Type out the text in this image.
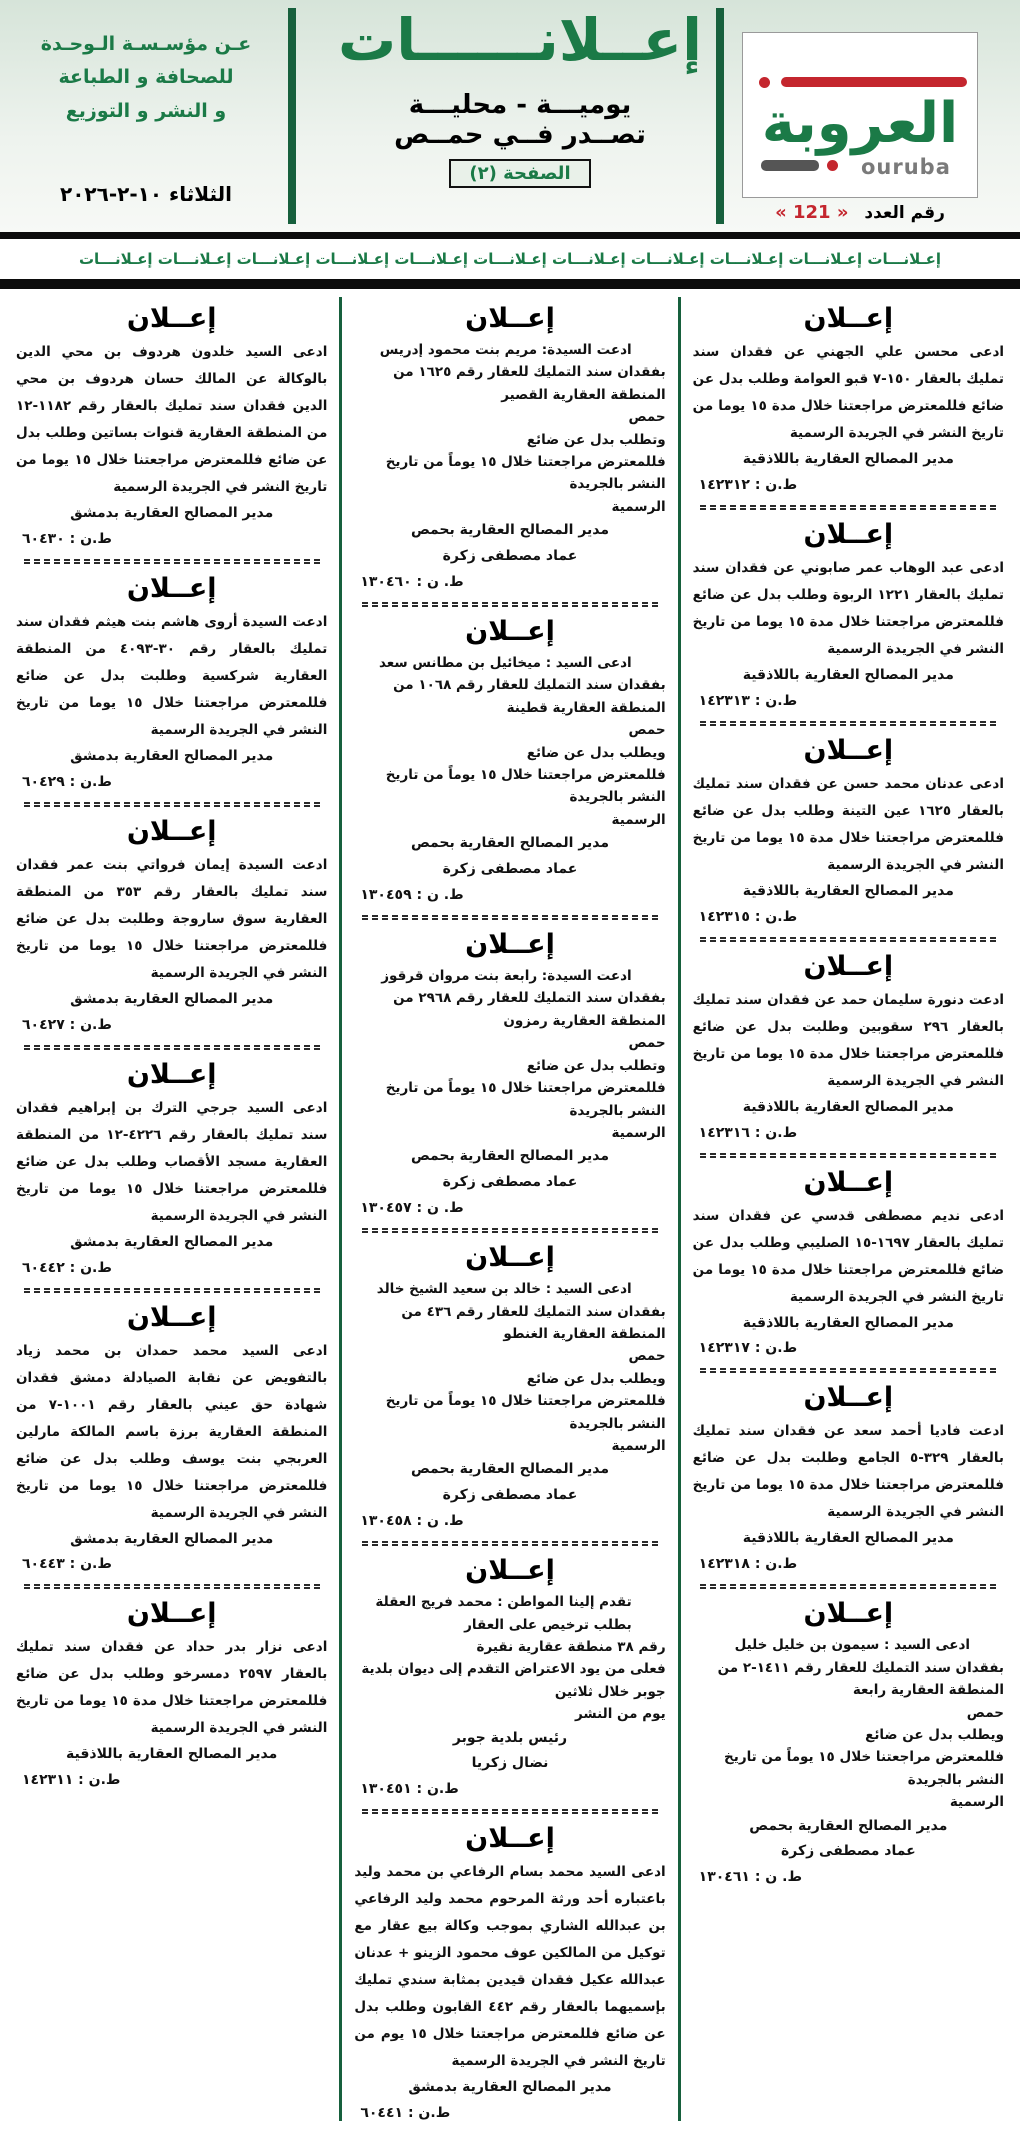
عـن مؤسـسـة الـوحـدة
للصحافة و الطباعة
و النشر و التوزيع
الثلاثاء ١٠-٢-٢٠٢٦
إعــلانــــــات
يوميـــة - محليـــة
تصــدر فــي حمــص
الصفحة (٢)
العروبة
ouruba
رقم العدد « 121 »
إعـلانـــات إعـلانـــات إعـلانـــات إعـلانـــات إعـلانـــات إعـلانـــات إعـلانـــات إعـلانـــات إعـلانـــات إعـلانـــات إعـلانـــات
إعــلان
ادعى محسن علي الجهني عن فقدان سند تمليك بالعقار ١٥٠-٧ قبو العوامة وطلب بدل عن ضائع فللمعترض مراجعتنا خلال مدة ١٥ يوما من تاريخ النشر في الجريدة الرسمية
مدير المصالح العقارية باللاذقية
ط.ن : ١٤٢٣١٢
إعــلان
ادعى عبد الوهاب عمر صابوني عن فقدان سند تمليك بالعقار ١٢٢١ الربوة وطلب بدل عن ضائع فللمعترض مراجعتنا خلال مدة ١٥ يوما من تاريخ النشر في الجريدة الرسمية
مدير المصالح العقارية باللاذقية
ط.ن : ١٤٢٣١٣
إعــلان
ادعى عدنان محمد حسن عن فقدان سند تمليك بالعقار ١٦٢٥ عين التينة وطلب بدل عن ضائع فللمعترض مراجعتنا خلال مدة ١٥ يوما من تاريخ النشر في الجريدة الرسمية
مدير المصالح العقارية باللاذقية
ط.ن : ١٤٢٣١٥
إعــلان
ادعت دنورة سليمان حمد عن فقدان سند تمليك بالعقار ٢٩٦ سقوبين وطلبت بدل عن ضائع فللمعترض مراجعتنا خلال مدة ١٥ يوما من تاريخ النشر في الجريدة الرسمية
مدير المصالح العقارية باللاذقية
ط.ن : ١٤٢٣١٦
إعــلان
ادعى نديم مصطفى قدسي عن فقدان سند تمليك بالعقار ١٦٩٧-١٥ الصليبي وطلب بدل عن ضائع فللمعترض مراجعتنا خلال مدة ١٥ يوما من تاريخ النشر في الجريدة الرسمية
مدير المصالح العقارية باللاذقية
ط.ن : ١٤٢٣١٧
إعــلان
ادعت فاديا أحمد سعد عن فقدان سند تمليك بالعقار ٣٢٩-٥ الجامع وطلبت بدل عن ضائع فللمعترض مراجعتنا خلال مدة ١٥ يوما من تاريخ النشر في الجريدة الرسمية
مدير المصالح العقارية باللاذقية
ط.ن : ١٤٢٣١٨
إعــلان
ادعى السيد : سيمون بن خليل خليل
بفقدان سند التمليك للعقار رقم ١٤١١-٢ من المنطقة العقارية رابعة
حمص
ويطلب بدل عن ضائع
فللمعترض مراجعتنا خلال ١٥ يوماً من تاريخ النشر بالجريدة
الرسمية
مدير المصالح العقارية بحمص
عماد مصطفى زكرة
ط. ن : ١٣٠٤٦١
إعــلان
ادعت السيدة: مريم بنت محمود إدريس
بفقدان سند التمليك للعقار رقم ١٦٢٥ من المنطقة العقارية القصير
حمص
وتطلب بدل عن ضائع
فللمعترض مراجعتنا خلال ١٥ يوماً من تاريخ النشر بالجريدة
الرسمية
مدير المصالح العقارية بحمص
عماد مصطفى زكرة
ط. ن : ١٣٠٤٦٠
إعــلان
ادعى السيد : ميخائيل بن مطانس سعد
بفقدان سند التمليك للعقار رقم ١٠٦٨ من المنطقة العقارية قطينة
حمص
ويطلب بدل عن ضائع
فللمعترض مراجعتنا خلال ١٥ يوماً من تاريخ النشر بالجريدة
الرسمية
مدير المصالح العقارية بحمص
عماد مصطفى زكرة
ط. ن : ١٣٠٤٥٩
إعــلان
ادعت السيدة: رابعة بنت مروان قرقوز
بفقدان سند التمليك للعقار رقم ٢٩٦٨ من المنطقة العقارية رمزون
حمص
وتطلب بدل عن ضائع
فللمعترض مراجعتنا خلال ١٥ يوماً من تاريخ النشر بالجريدة
الرسمية
مدير المصالح العقارية بحمص
عماد مصطفى زكرة
ط. ن : ١٣٠٤٥٧
إعــلان
ادعى السيد : خالد بن سعيد الشيخ خالد
بفقدان سند التمليك للعقار رقم ٤٣٦ من المنطقة العقارية الغنطو
حمص
ويطلب بدل عن ضائع
فللمعترض مراجعتنا خلال ١٥ يوماً من تاريخ النشر بالجريدة
الرسمية
مدير المصالح العقارية بحمص
عماد مصطفى زكرة
ط. ن : ١٣٠٤٥٨
إعــلان
تقدم إلينا المواطن : محمد فريج العقلة بطلب ترخيص على العقار
رقم ٣٨ منطقة عقارية نقيرة
فعلى من يود الاعتراض التقدم إلى ديوان بلدية جوبر خلال ثلاثين
يوم من النشر
رئيس بلدية جوبر
نضال زكريا
ط.ن : ١٣٠٤٥١
إعــلان
ادعى السيد محمد بسام الرفاعي بن محمد وليد باعتباره أحد ورثة المرحوم محمد وليد الرفاعي بن عبدالله الشاري بموجب وكالة بيع عقار مع توكيل من المالكين عوف محمود الزينو + عدنان عبدالله عكيل فقدان قيدين بمثابة سندي تمليك بإسميهما بالعقار رقم ٤٤٢ القابون وطلب بدل عن ضائع فللمعترض مراجعتنا خلال ١٥ يوم من تاريخ النشر في الجريدة الرسمية
مدير المصالح العقارية بدمشق
ط.ن : ٦٠٤٤١
إعــلان
ادعى السيد خلدون هردوف بن محي الدين بالوكالة عن المالك حسان هردوف بن محي الدين فقدان سند تمليك بالعقار رقم ١١٨٢-١٢ من المنطقة العقارية قنوات بساتين وطلب بدل عن ضائع فللمعترض مراجعتنا خلال ١٥ يوما من تاريخ النشر في الجريدة الرسمية
مدير المصالح العقارية بدمشق
ط.ن : ٦٠٤٣٠
إعــلان
ادعت السيدة أروى هاشم بنت هيثم فقدان سند تمليك بالعقار رقم ٣٠-٤٠٩٣ من المنطقة العقارية شركسية وطلبت بدل عن ضائع فللمعترض مراجعتنا خلال ١٥ يوما من تاريخ النشر في الجريدة الرسمية
مدير المصالح العقارية بدمشق
ط.ن : ٦٠٤٢٩
إعــلان
ادعت السيدة إيمان فرواتي بنت عمر فقدان سند تمليك بالعقار رقم ٣٥٣ من المنطقة العقارية سوق ساروجة وطلبت بدل عن ضائع فللمعترض مراجعتنا خلال ١٥ يوما من تاريخ النشر في الجريدة الرسمية
مدير المصالح العقارية بدمشق
ط.ن : ٦٠٤٢٧
إعــلان
ادعى السيد جرجي الترك بن إبراهيم فقدان سند تمليك بالعقار رقم ٤٢٢٦-١٢ من المنطقة العقارية مسجد الأقصاب وطلب بدل عن ضائع فللمعترض مراجعتنا خلال ١٥ يوما من تاريخ النشر في الجريدة الرسمية
مدير المصالح العقارية بدمشق
ط.ن : ٦٠٤٤٢
إعــلان
ادعى السيد محمد حمدان بن محمد زياد بالتفويض عن نقابة الصيادلة دمشق فقدان شهادة حق عيني بالعقار رقم ١٠٠١-٧ من المنطقة العقارية برزة باسم المالكة مارلين العربجي بنت يوسف وطلب بدل عن ضائع فللمعترض مراجعتنا خلال ١٥ يوما من تاريخ النشر في الجريدة الرسمية
مدير المصالح العقارية بدمشق
ط.ن : ٦٠٤٤٣
إعــلان
ادعى نزار بدر حداد عن فقدان سند تمليك بالعقار ٢٥٩٧ دمسرخو وطلب بدل عن ضائع فللمعترض مراجعتنا خلال مدة ١٥ يوما من تاريخ النشر في الجريدة الرسمية
مدير المصالح العقارية باللاذقية
ط.ن : ١٤٢٣١١
